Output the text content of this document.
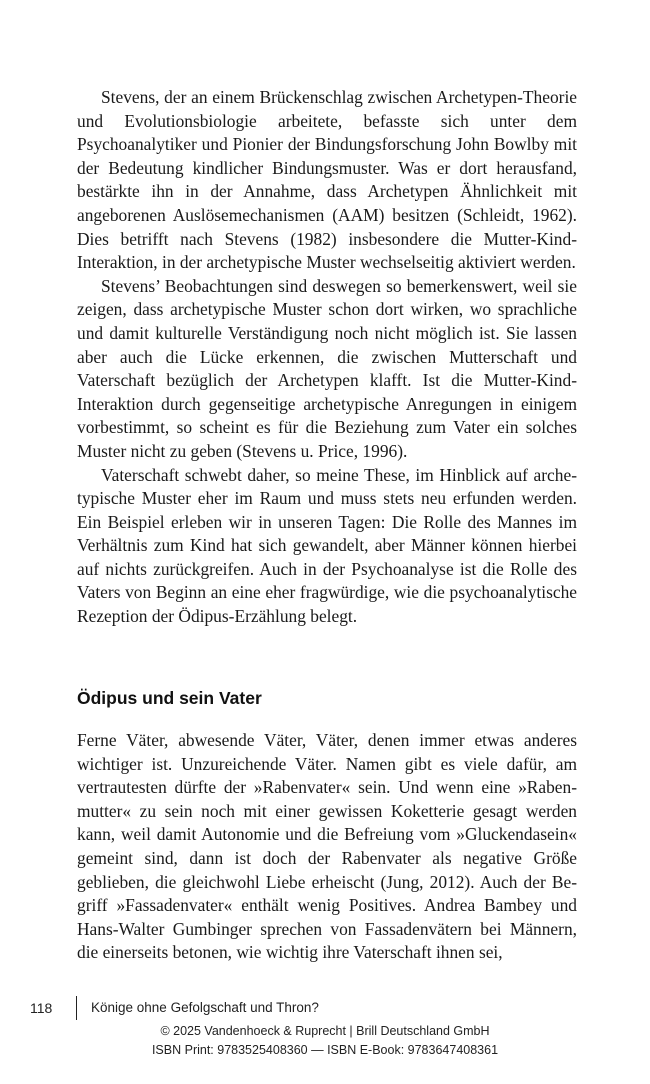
Stevens, der an einem Brückenschlag zwischen Archetypen-Theorie und Evolutionsbiologie arbeitete, befasste sich unter dem Psychoanalytiker und Pionier der Bindungsforschung John Bowlby mit der Bedeutung kindlicher Bindungsmuster. Was er dort herausfand, bestärkte ihn in der Annahme, dass Archetypen Ähnlichkeit mit angeborenen Auslösemechanismen (AAM) besitzen (Schleidt, 1962). Dies betrifft nach Stevens (1982) insbesondere die Mutter-Kind-Interaktion, in der archetypische Muster wechselseitig aktiviert werden.

Stevens’ Beobachtungen sind deswegen so bemerkenswert, weil sie zeigen, dass archetypische Muster schon dort wirken, wo sprachliche und damit kulturelle Verständigung noch nicht möglich ist. Sie lassen aber auch die Lücke erkennen, die zwischen Mutterschaft und Vaterschaft bezüglich der Archetypen klafft. Ist die Mutter-Kind-Interaktion durch gegenseitige archetypische Anregungen in einigem vorbestimmt, so scheint es für die Beziehung zum Vater ein solches Muster nicht zu geben (Stevens u. Price, 1996).

Vaterschaft schwebt daher, so meine These, im Hinblick auf archetypische Muster eher im Raum und muss stets neu erfunden werden. Ein Beispiel erleben wir in unseren Tagen: Die Rolle des Mannes im Verhältnis zum Kind hat sich gewandelt, aber Männer können hierbei auf nichts zurückgreifen. Auch in der Psychoanalyse ist die Rolle des Vaters von Beginn an eine eher fragwürdige, wie die psychoanalytische Rezeption der Ödipus-Erzählung belegt.

Ödipus und sein Vater

Ferne Väter, abwesende Väter, Väter, denen immer etwas anderes wichtiger ist. Unzureichende Väter. Namen gibt es viele dafür, am vertrautesten dürfte der »Rabenvater« sein. Und wenn eine »Rabenmutter« zu sein noch mit einer gewissen Koketterie gesagt werden kann, weil damit Autonomie und die Befreiung vom »Gluckendasein« gemeint sind, dann ist doch der Rabenvater als negative Größe geblieben, die gleichwohl Liebe erheischt (Jung, 2012). Auch der Begriff »Fassadenvater« enthält wenig Positives. Andrea Bambey und Hans-Walter Gumbinger sprechen von Fassadenvätern bei Männern, die einerseits betonen, wie wichtig ihre Vaterschaft ihnen sei,

118	Könige ohne Gefolgschaft und Thron?
© 2025 Vandenhoeck & Ruprecht | Brill Deutschland GmbH
ISBN Print: 9783525408360 — ISBN E-Book: 9783647408361
